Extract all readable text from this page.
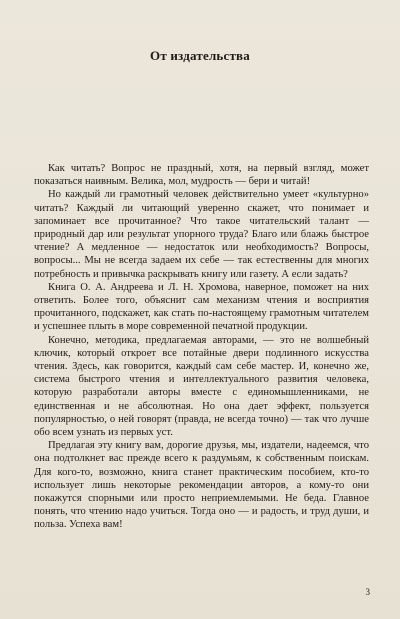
От издательства

Как читать? Вопрос не праздный, хотя, на первый взгляд, может показаться наивным. Велика, мол, мудрость — бери и читай!

Но каждый ли грамотный человек действительно умеет «культурно» читать? Каждый ли читающий уверенно скажет, что понимает и запоминает все прочитанное? Что такое читательский талант — природный дар или результат упорного труда? Благо или блажь быстрое чтение? А медленное — недостаток или необходимость? Вопросы, вопросы... Мы не всегда задаем их себе — так естественны для многих потребность и привычка раскрывать книгу или газету. А если задать?

Книга О. А. Андреева и Л. Н. Хромова, наверное, поможет на них ответить. Более того, объяснит сам механизм чтения и восприятия прочитанного, подскажет, как стать по-настоящему грамотным читателем и успешнее плыть в море современной печатной продукции.

Конечно, методика, предлагаемая авторами, — это не волшебный ключик, который откроет все потайные двери подлинного искусства чтения. Здесь, как говорится, каждый сам себе мастер. И, конечно же, система быстрого чтения и интеллектуального развития человека, которую разработали авторы вместе с единомышленниками, не единственная и не абсолютная. Но она дает эффект, пользуется популярностью, о ней говорят (правда, не всегда точно) — так что лучше обо всем узнать из первых уст.

Предлагая эту книгу вам, дорогие друзья, мы, издатели, надеемся, что она подтолкнет вас прежде всего к раздумьям, к собственным поискам. Для кого-то, возможно, книга станет практическим пособием, кто-то использует лишь некоторые рекомендации авторов, а кому-то они покажутся спорными или просто неприемлемыми. Не беда. Главное понять, что чтению надо учиться. Тогда оно — и радость, и труд души, и польза. Успеха вам!

3
